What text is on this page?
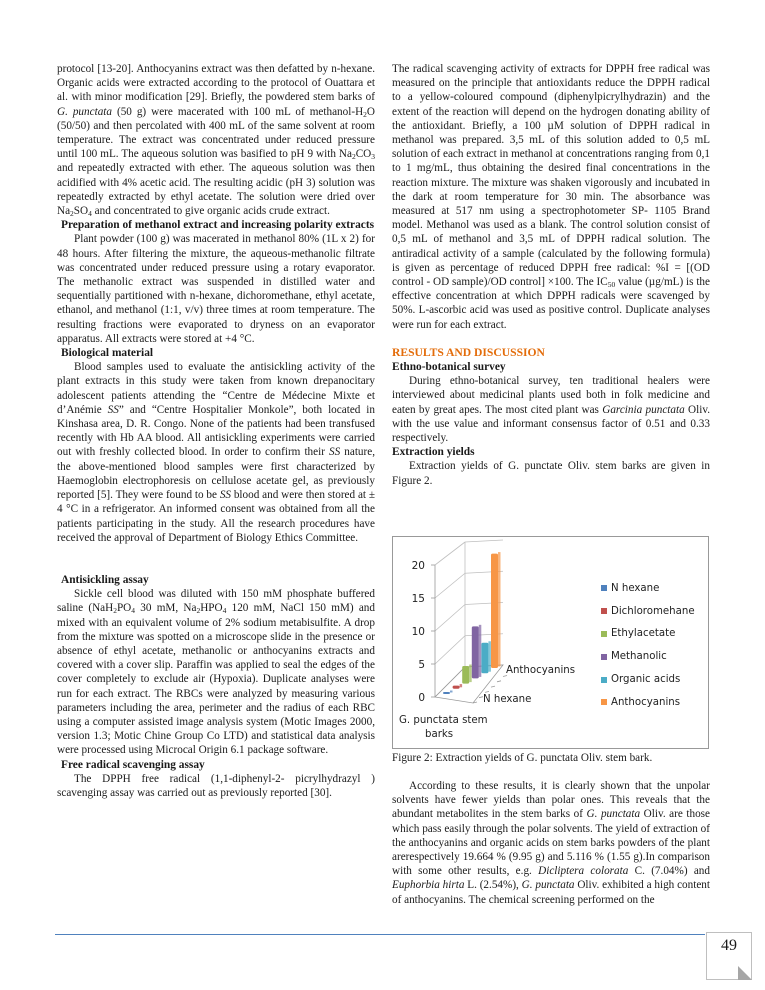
protocol [13-20]. Anthocyanins extract was then defatted by n-hexane. Organic acids were extracted according to the protocol of Ouattara et al. with minor modification [29]. Briefly, the powdered stem barks of G. punctata (50 g) were macerated with 100 mL of methanol-$H_2O$ (50/50) and then percolated with 400 mL of the same solvent at room temperature. The extract was concentrated under reduced pressure until 100 mL. The aqueous solution was basified to pH 9 with $Na_2CO_3$ and repeatedly extracted with ether. The aqueous solution was then acidified with 4% acetic acid. The resulting acidic (pH 3) solution was repeatedly extracted by ethyl acetate. The solution were dried over $Na_2SO_4$ and concentrated to give organic acids crude extract.

Preparation of methanol extract and increasing polarity extracts

Plant powder (100 g) was macerated in methanol 80% (1L x 2) for 48 hours. After filtering the mixture, the aqueous-methanolic filtrate was concentrated under reduced pressure using a rotary evaporator. The methanolic extract was suspended in distilled water and sequentially partitioned with n-hexane, dichoromethane, ethyl acetate, ethanol, and methanol (1:1, v/v) three times at room temperature. The resulting fractions were evaporated to dryness on an evaporator apparatus. All extracts were stored at +4 °C.

Biological material

Blood samples used to evaluate the antisickling activity of the plant extracts in this study were taken from known drepanocitary adolescent patients attending the “Centre de Médecine Mixte et d’Anémie SS” and “Centre Hospitalier Monkole”, both located in Kinshasa area, D. R. Congo. None of the patients had been transfused recently with Hb AA blood. All antisickling experiments were carried out with freshly collected blood. In order to confirm their SS nature, the above-mentioned blood samples were first characterized by Haemoglobin electrophoresis on cellulose acetate gel, as previously reported [5]. They were found to be SS blood and were then stored at ± 4 °C in a refrigerator. An informed consent was obtained from all the patients participating in the study. All the research procedures have received the approval of Department of Biology Ethics Committee.

Antisickling assay

Sickle cell blood was diluted with 150 mM phosphate buffered saline ($NaH_2PO_4$ 30 mM, $Na_2HPO_4$ 120 mM, NaCl 150 mM) and mixed with an equivalent volume of 2% sodium metabisulfite. A drop from the mixture was spotted on a microscope slide in the presence or absence of ethyl acetate, methanolic or anthocyanins extracts and covered with a cover slip. Paraffin was applied to seal the edges of the cover completely to exclude air (Hypoxia). Duplicate analyses were run for each extract. The RBCs were analyzed by measuring various parameters including the area, perimeter and the radius of each RBC using a computer assisted image analysis system (Motic Images 2000, version 1.3; Motic Chine Group Co LTD) and statistical data analysis were processed using Microcal Origin 6.1 package software.

Free radical scavenging assay

The DPPH free radical (1,1-diphenyl-2- picrylhydrazyl ) scavenging assay was carried out as previously reported [30].

The radical scavenging activity of extracts for DPPH free radical was measured on the principle that antioxidants reduce the DPPH radical to a yellow-coloured compound (diphenylpicrylhydrazin) and the extent of the reaction will depend on the hydrogen donating ability of the antioxidant. Briefly, a 100 µM solution of DPPH radical in methanol was prepared. 3,5 mL of this solution added to 0,5 mL solution of each extract in methanol at concentrations ranging from 0,1 to 1 mg/mL, thus obtaining the desired final concentrations in the reaction mixture. The mixture was shaken vigorously and incubated in the dark at room temperature for 30 min. The absorbance was measured at 517 nm using a spectrophotometer SP- 1105 Brand model. Methanol was used as a blank. The control solution consist of 0,5 mL of methanol and 3,5 mL of DPPH radical solution. The antiradical activity of a sample (calculated by the following formula) is given as percentage of reduced DPPH free radical: %I = [(OD control - OD sample)/OD control] ×100. The $IC_{50}$ value (µg/mL) is the effective concentration at which DPPH radicals were scavenged by 50%. L-ascorbic acid was used as positive control. Duplicate analyses were run for each extract.

RESULTS AND DISCUSSION
Ethno-botanical survey

During ethno-botanical survey, ten traditional healers were interviewed about medicinal plants used both in folk medicine and eaten by great apes. The most cited plant was Garcinia punctata Oliv. with the use value and informant consensus factor of 0.51 and 0.33 respectively.

Extraction yields

Extraction yields of G. punctate Oliv. stem barks are given in Figure 2.

0
5
10
15
20
N hexane
Anthocyanins
G. punctata stem
barks
N hexane
Dichloromehane
Ethylacetate
Methanolic
Organic acids
Anthocyanins
Figure 2: Extraction yields of G. punctata Oliv. stem bark.

According to these results, it is clearly shown that the unpolar solvents have fewer yields than polar ones. This reveals that the abundant metabolites in the stem barks of G. punctata Oliv. are those which pass easily through the polar solvents. The yield of extraction of the anthocyanins and organic acids on stem barks powders of the plant arerespectively 19.664 % (9.95 g) and 5.116 % (1.55 g).In comparison with some other results, e.g. Dicliptera colorata C. (7.04%) and Euphorbia hirta L. (2.54%), G. punctata Oliv. exhibited a high content of anthocyanins. The chemical screening performed on the

49
